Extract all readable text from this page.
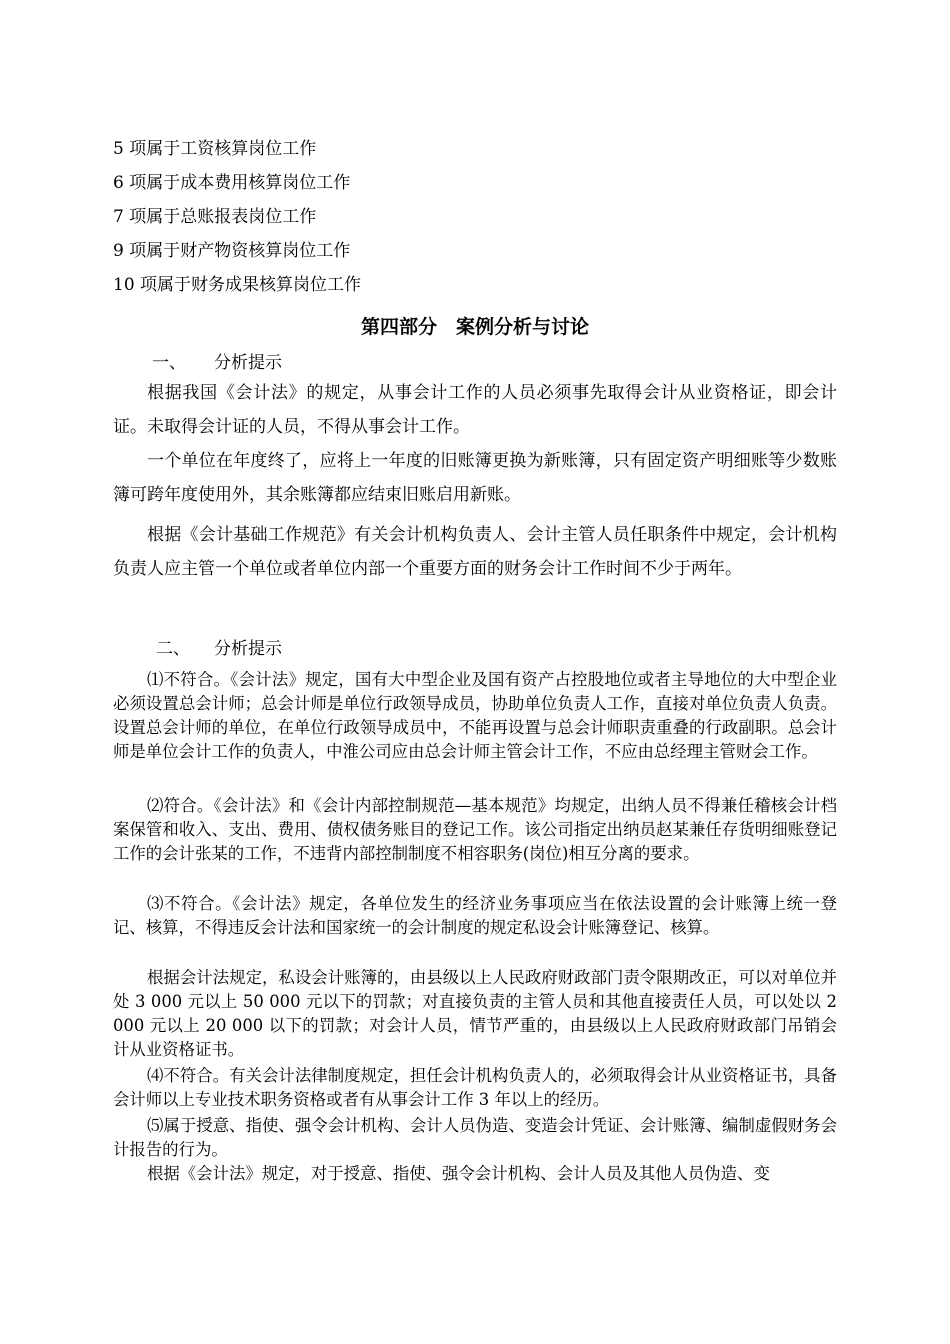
5 项属于工资核算岗位工作
6 项属于成本费用核算岗位工作
7 项属于总账报表岗位工作
9 项属于财产物资核算岗位工作
10 项属于财务成果核算岗位工作
第四部分　案例分析与讨论
一、 分析提示
根据我国《会计法》的规定，从事会计工作的人员必须事先取得会计从业资格证，即会计证。未取得会计证的人员，不得从事会计工作。
一个单位在年度终了，应将上一年度的旧账簿更换为新账簿，只有固定资产明细账等少数账簿可跨年度使用外，其余账簿都应结束旧账启用新账。
根据《会计基础工作规范》有关会计机构负责人、会计主管人员任职条件中规定，会计机构负责人应主管一个单位或者单位内部一个重要方面的财务会计工作时间不少于两年。
二、 分析提示
⑴不符合。《会计法》规定，国有大中型企业及国有资产占控股地位或者主导地位的大中型企业必须设置总会计师；总会计师是单位行政领导成员，协助单位负责人工作，直接对单位负责人负责。设置总会计师的单位，在单位行政领导成员中，不能再设置与总会计师职责重叠的行政副职。总会计师是单位会计工作的负责人，中淮公司应由总会计师主管会计工作，不应由总经理主管财会工作。
⑵符合。《会计法》和《会计内部控制规范—基本规范》均规定，出纳人员不得兼任稽核会计档案保管和收入、支出、费用、债权债务账目的登记工作。该公司指定出纳员赵某兼任存货明细账登记工作的会计张某的工作，不违背内部控制制度不相容职务(岗位)相互分离的要求。
⑶不符合。《会计法》规定，各单位发生的经济业务事项应当在依法设置的会计账簿上统一登记、核算，不得违反会计法和国家统一的会计制度的规定私设会计账簿登记、核算。
根据会计法规定，私设会计账簿的，由县级以上人民政府财政部门责令限期改正，可以对单位并处 3 000 元以上 50 000 元以下的罚款；对直接负责的主管人员和其他直接责任人员，可以处以 2 000 元以上 20 000 以下的罚款；对会计人员，情节严重的，由县级以上人民政府财政部门吊销会计从业资格证书。
⑷不符合。有关会计法律制度规定，担任会计机构负责人的，必须取得会计从业资格证书，具备会计师以上专业技术职务资格或者有从事会计工作 3 年以上的经历。
⑸属于授意、指使、强令会计机构、会计人员伪造、变造会计凭证、会计账簿、编制虚假财务会计报告的行为。
根据《会计法》规定，对于授意、指使、强令会计机构、会计人员及其他人员伪造、变
